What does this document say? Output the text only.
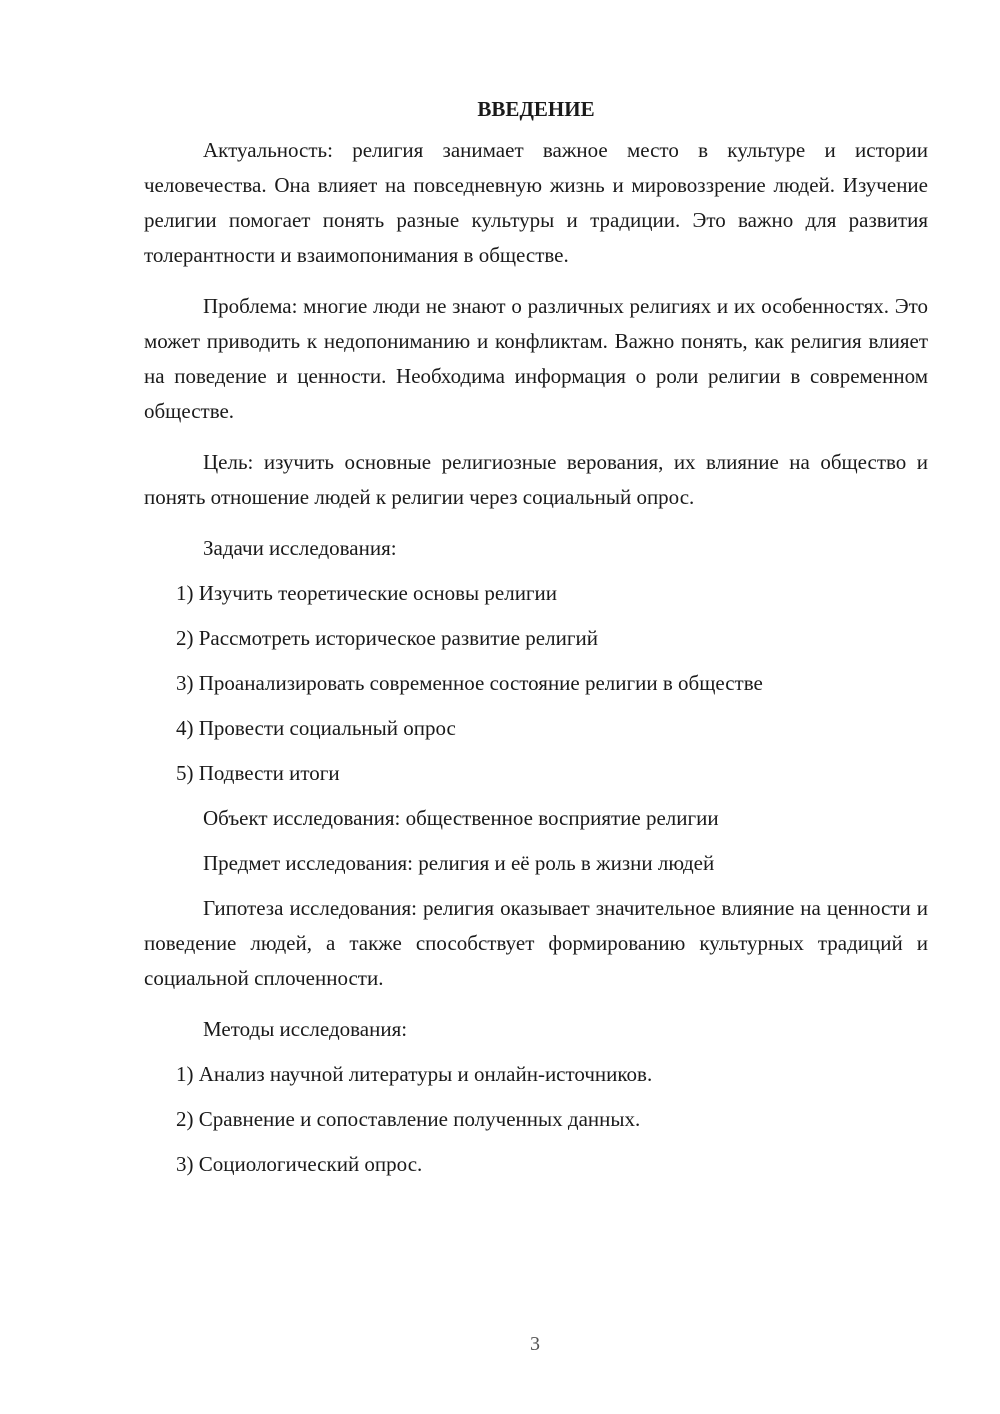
ВВЕДЕНИЕ

Актуальность: религия занимает важное место в культуре и истории человечества. Она влияет на повседневную жизнь и мировоззрение людей. Изучение религии помогает понять разные культуры и традиции. Это важно для развития толерантности и взаимопонимания в обществе.

Проблема: многие люди не знают о различных религиях и их особенностях. Это может приводить к недопониманию и конфликтам. Важно понять, как религия влияет на поведение и ценности. Необходима информация о роли религии в современном обществе.

Цель: изучить основные религиозные верования, их влияние на общество и понять отношение людей к религии через социальный опрос.

Задачи исследования:
1) Изучить теоретические основы религии
2) Рассмотреть историческое развитие религий
3) Проанализировать современное состояние религии в обществе
4) Провести социальный опрос
5) Подвести итоги
Объект исследования: общественное восприятие религии
Предмет исследования: религия и её роль в жизни людей

Гипотеза исследования: религия оказывает значительное влияние на ценности и поведение людей, а также способствует формированию культурных традиций и социальной сплоченности.

Методы исследования:
1) Анализ научной литературы и онлайн-источников.
2) Сравнение и сопоставление полученных данных.
3) Социологический опрос.
3
